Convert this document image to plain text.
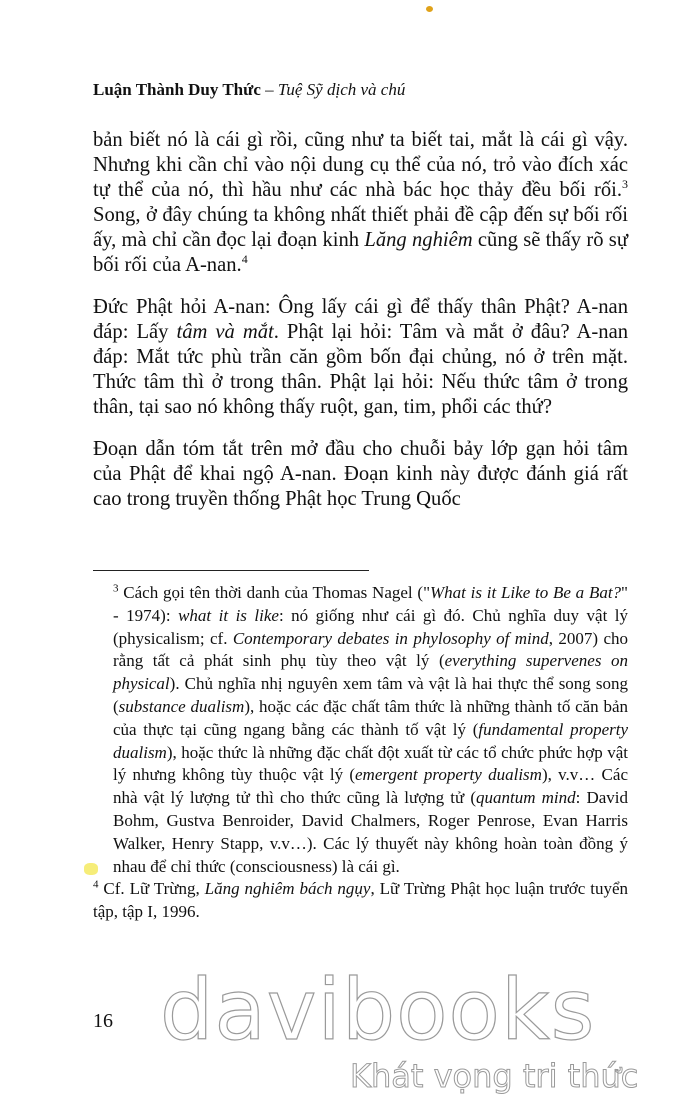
Luận Thành Duy Thức – Tuệ Sỹ dịch và chú

bản biết nó là cái gì rồi, cũng như ta biết tai, mắt là cái gì vậy. Nhưng khi cần chỉ vào nội dung cụ thể của nó, trỏ vào đích xác tự thể của nó, thì hầu như các nhà bác học thảy đều bối rối.$^3$ Song, ở đây chúng ta không nhất thiết phải đề cập đến sự bối rối ấy, mà chỉ cần đọc lại đoạn kinh Lăng nghiêm cũng sẽ thấy rõ sự bối rối của A-nan.$^4$

Đức Phật hỏi A-nan: Ông lấy cái gì để thấy thân Phật? A-nan đáp: Lấy tâm và mắt. Phật lại hỏi: Tâm và mắt ở đâu? A-nan đáp: Mắt tức phù trần căn gồm bốn đại chủng, nó ở trên mặt. Thức tâm thì ở trong thân. Phật lại hỏi: Nếu thức tâm ở trong thân, tại sao nó không thấy ruột, gan, tim, phổi các thứ?

Đoạn dẫn tóm tắt trên mở đầu cho chuỗi bảy lớp gạn hỏi tâm của Phật để khai ngộ A-nan. Đoạn kinh này được đánh giá rất cao trong truyền thống Phật học Trung Quốc

$^3$ Cách gọi tên thời danh của Thomas Nagel ("What is it Like to Be a Bat?" - 1974): what it is like: nó giống như cái gì đó. Chủ nghĩa duy vật lý (physicalism; cf. Contemporary debates in phylosophy of mind, 2007) cho rằng tất cả phát sinh phụ tùy theo vật lý (everything supervenes on physical). Chủ nghĩa nhị nguyên xem tâm và vật là hai thực thể song song (substance dualism), hoặc các đặc chất tâm thức là những thành tố căn bản của thực tại cũng ngang bằng các thành tố vật lý (fundamental property dualism), hoặc thức là những đặc chất đột xuất từ các tổ chức phức hợp vật lý nhưng không tùy thuộc vật lý (emergent property dualism), v.v… Các nhà vật lý lượng tử thì cho thức cũng là lượng tử (quantum mind: David Bohm, Gustva Benroider, David Chalmers, Roger Penrose, Evan Harris Walker, Henry Stapp, v.v…). Các lý thuyết này không hoàn toàn đồng ý nhau để chỉ thức (consciousness) là cái gì.

$^4$ Cf. Lữ Trừng, Lăng nghiêm bách ngụy, Lữ Trừng Phật học luận trước tuyển tập, tập I, 1996.

16 davibooks
Khát vọng tri thức
